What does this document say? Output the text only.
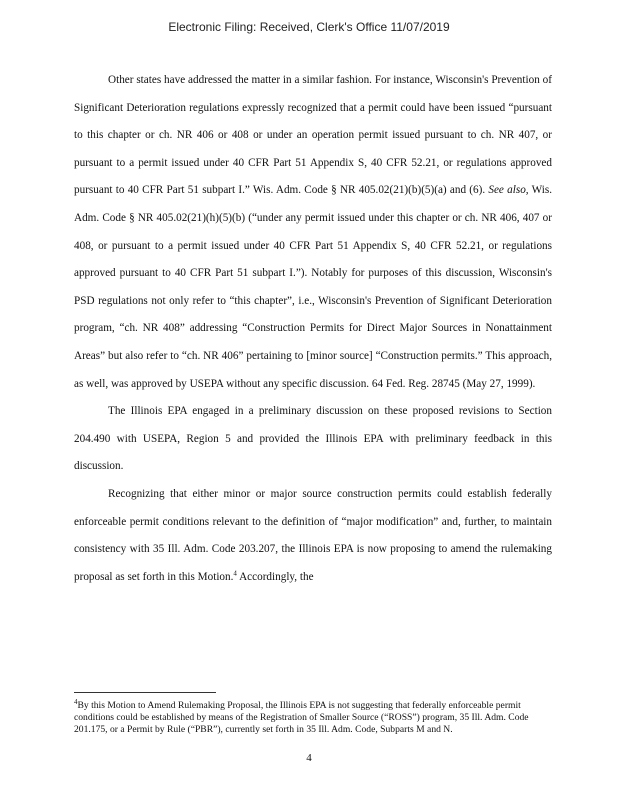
Electronic Filing: Received, Clerk's Office 11/07/2019

Other states have addressed the matter in a similar fashion. For instance, Wisconsin's Prevention of Significant Deterioration regulations expressly recognized that a permit could have been issued “pursuant to this chapter or ch. NR 406 or 408 or under an operation permit issued pursuant to ch. NR 407, or pursuant to a permit issued under 40 CFR Part 51 Appendix S, 40 CFR 52.21, or regulations approved pursuant to 40 CFR Part 51 subpart I.” Wis. Adm. Code § NR 405.02(21)(b)(5)(a) and (6). See also, Wis. Adm. Code § NR 405.02(21)(h)(5)(b) (“under any permit issued under this chapter or ch. NR 406, 407 or 408, or pursuant to a permit issued under 40 CFR Part 51 Appendix S, 40 CFR 52.21, or regulations approved pursuant to 40 CFR Part 51 subpart I.”). Notably for purposes of this discussion, Wisconsin's PSD regulations not only refer to “this chapter”, i.e., Wisconsin's Prevention of Significant Deterioration program, “ch. NR 408” addressing “Construction Permits for Direct Major Sources in Nonattainment Areas” but also refer to “ch. NR 406” pertaining to [minor source] “Construction permits.” This approach, as well, was approved by USEPA without any specific discussion. 64 Fed. Reg. 28745 (May 27, 1999).

The Illinois EPA engaged in a preliminary discussion on these proposed revisions to Section 204.490 with USEPA, Region 5 and provided the Illinois EPA with preliminary feedback in this discussion.

Recognizing that either minor or major source construction permits could establish federally enforceable permit conditions relevant to the definition of “major modification” and, further, to maintain consistency with 35 Ill. Adm. Code 203.207, the Illinois EPA is now proposing to amend the rulemaking proposal as set forth in this Motion.$^4$ Accordingly, the

$^4$By this Motion to Amend Rulemaking Proposal, the Illinois EPA is not suggesting that federally enforceable permit conditions could be established by means of the Registration of Smaller Source (“ROSS”) program, 35 Ill. Adm. Code 201.175, or a Permit by Rule (“PBR”), currently set forth in 35 Ill. Adm. Code, Subparts M and N.

4
